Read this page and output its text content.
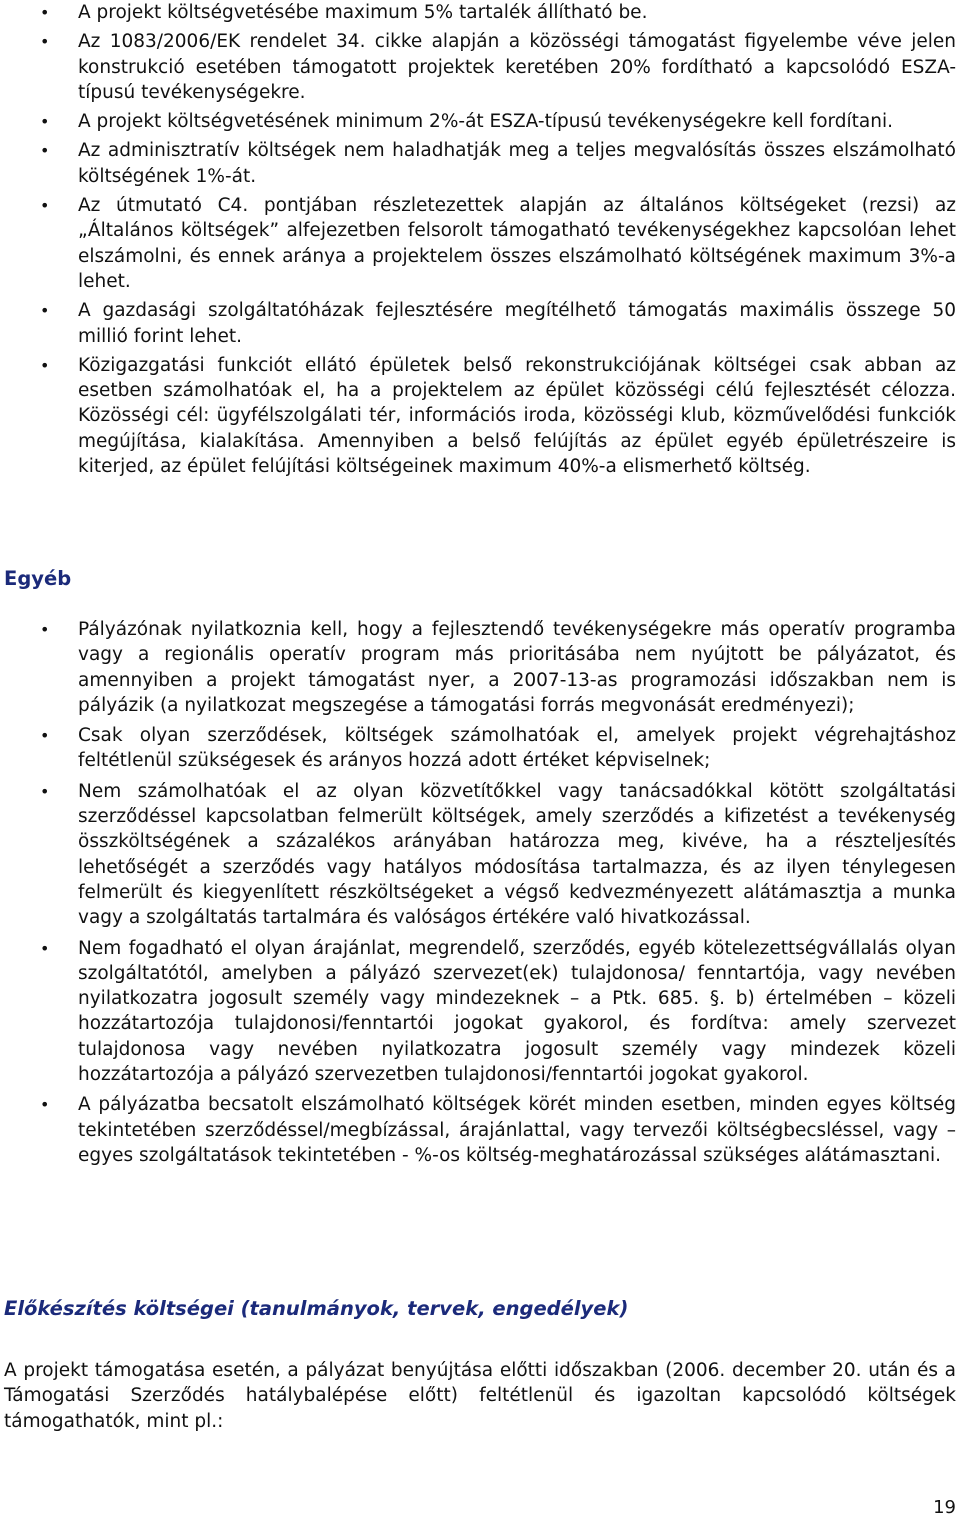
• A projekt költségvetésébe maximum 5% tartalék állítható be.
• Az 1083/2006/EK rendelet 34. cikke alapján a közösségi támogatást figyelembe véve jelen konstrukció esetében támogatott projektek keretében 20% fordítható a kapcsolódó ESZA-típusú tevékenységekre.
• A projekt költségvetésének minimum 2%-át ESZA-típusú tevékenységekre kell fordítani.
• Az adminisztratív költségek nem haladhatják meg a teljes megvalósítás összes elszámolható költségének 1%-át.
• Az útmutató C4. pontjában részletezettek alapján az általános költségeket (rezsi) az „Általános költségek” alfejezetben felsorolt támogatható tevékenységekhez kapcsolóan lehet elszámolni, és ennek aránya a projektelem összes elszámolható költségének maximum 3%-a lehet.
• A gazdasági szolgáltatóházak fejlesztésére megítélhető támogatás maximális összege 50 millió forint lehet.
• Közigazgatási funkciót ellátó épületek belső rekonstrukciójának költségei csak abban az esetben számolhatóak el, ha a projektelem az épület közösségi célú fejlesztését célozza. Közösségi cél: ügyfélszolgálati tér, információs iroda, közösségi klub, közművelődési funkciók megújítása, kialakítása. Amennyiben a belső felújítás az épület egyéb épületrészeire is kiterjed, az épület felújítási költségeinek maximum 40%-a elismerhető költség.
Egyéb
• Pályázónak nyilatkoznia kell, hogy a fejlesztendő tevékenységekre más operatív programba vagy a regionális operatív program más prioritásába nem nyújtott be pályázatot, és amennyiben a projekt támogatást nyer, a 2007-13-as programozási időszakban nem is pályázik (a nyilatkozat megszegése a támogatási forrás megvonását eredményezi);
• Csak olyan szerződések, költségek számolhatóak el, amelyek projekt végrehajtáshoz feltétlenül szükségesek és arányos hozzá adott értéket képviselnek;
• Nem számolhatóak el az olyan közvetítőkkel vagy tanácsadókkal kötött szolgáltatási szerződéssel kapcsolatban felmerült költségek, amely szerződés a kifizetést a tevékenység összköltségének a százalékos arányában határozza meg, kivéve, ha a részteljesítés lehetőségét a szerződés vagy hatályos módosítása tartalmazza, és az ilyen ténylegesen felmerült és kiegyenlített részköltségeket a végső kedvezményezett alátámasztja a munka vagy a szolgáltatás tartalmára és valóságos értékére való hivatkozással.
• Nem fogadható el olyan árajánlat, megrendelő, szerződés, egyéb kötelezettségvállalás olyan szolgáltatótól, amelyben a pályázó szervezet(ek) tulajdonosa/ fenntartója, vagy nevében nyilatkozatra jogosult személy vagy mindezeknek – a Ptk. 685. §. b) értelmében – közeli hozzátartozója tulajdonosi/fenntartói jogokat gyakorol, és fordítva: amely szervezet tulajdonosa vagy nevében nyilatkozatra jogosult személy vagy mindezek közeli hozzátartozója a pályázó szervezetben tulajdonosi/fenntartói jogokat gyakorol.
• A pályázatba becsatolt elszámolható költségek körét minden esetben, minden egyes költség tekintetében szerződéssel/megbízással, árajánlattal, vagy tervezői költségbecsléssel, vagy – egyes szolgáltatások tekintetében - %-os költség-meghatározással szükséges alátámasztani.
Előkészítés költségei (tanulmányok, tervek, engedélyek)

A projekt támogatása esetén, a pályázat benyújtása előtti időszakban (2006. december 20. után és a Támogatási Szerződés hatálybalépése előtt) feltétlenül és igazoltan kapcsolódó költségek támogathatók, mint pl.:

19
